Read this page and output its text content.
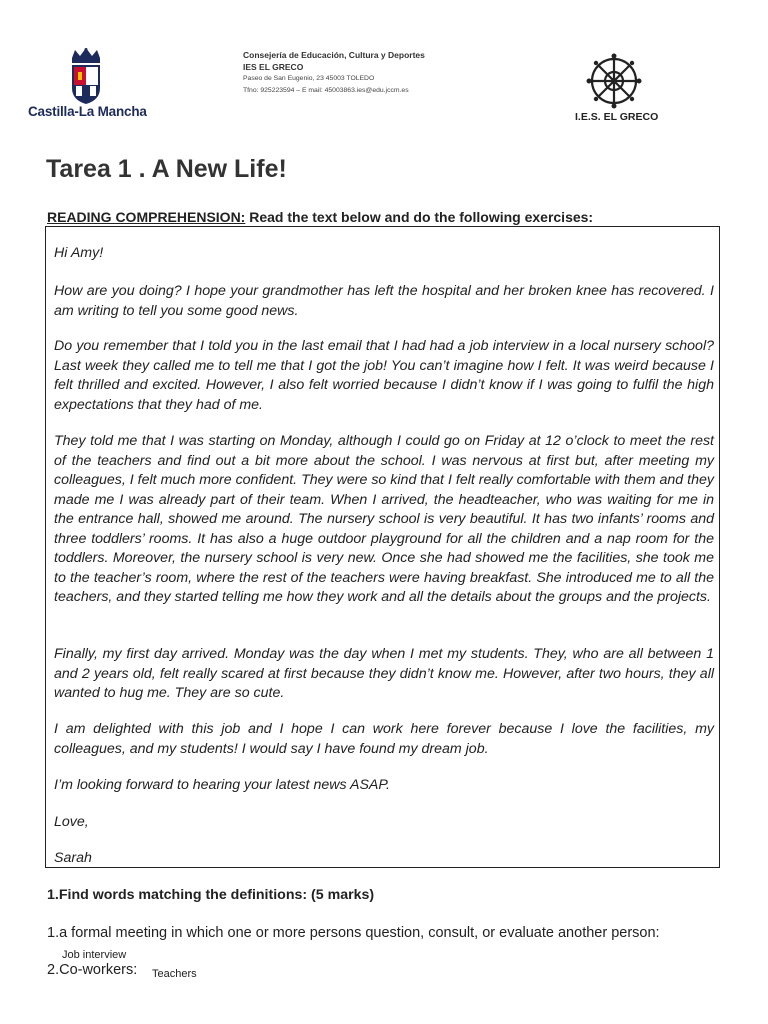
Castilla-La Mancha
Consejería de Educación, Cultura y Deportes
IES EL GRECO
Paseo de San Eugenio, 23 45003 TOLEDO
Tfno: 925223594 – E mail: 45003863.ies@edu.jccm.es
I.E.S. EL GRECO
Tarea 1 . A New Life!
READING COMPREHENSION: Read the text below and do the following exercises:
Hi Amy!
How are you doing? I hope your grandmother has left the hospital and her broken knee has recovered. I am writing to tell you some good news.
Do you remember that I told you in the last email that I had had a job interview in a local nursery school? Last week they called me to tell me that I got the job! You can’t imagine how I felt. It was weird because I felt thrilled and excited. However, I also felt worried because I didn’t know if I was going to fulfil the high expectations that they had of me.
They told me that I was starting on Monday, although I could go on Friday at 12 o’clock to meet the rest of the teachers and find out a bit more about the school. I was nervous at first but, after meeting my colleagues, I felt much more confident. They were so kind that I felt really comfortable with them and they made me I was already part of their team. When I arrived, the headteacher, who was waiting for me in the entrance hall, showed me around. The nursery school is very beautiful. It has two infants’ rooms and three toddlers’ rooms. It has also a huge outdoor playground for all the children and a nap room for the toddlers. Moreover, the nursery school is very new. Once she had showed me the facilities, she took me to the teacher’s room, where the rest of the teachers were having breakfast. She introduced me to all the teachers, and they started telling me how they work and all the details about the groups and the projects.
Finally, my first day arrived. Monday was the day when I met my students. They, who are all between 1 and 2 years old, felt really scared at first because they didn’t know me. However, after two hours, they all wanted to hug me. They are so cute.
I am delighted with this job and I hope I can work here forever because I love the facilities, my colleagues, and my students! I would say I have found my dream job.
I’m looking forward to hearing your latest news ASAP.
Love,
Sarah
1.Find words matching the definitions: (5 marks)
1.a formal meeting in which one or more persons question, consult, or evaluate another person:
Job interview
2.Co-workers: Teachers
